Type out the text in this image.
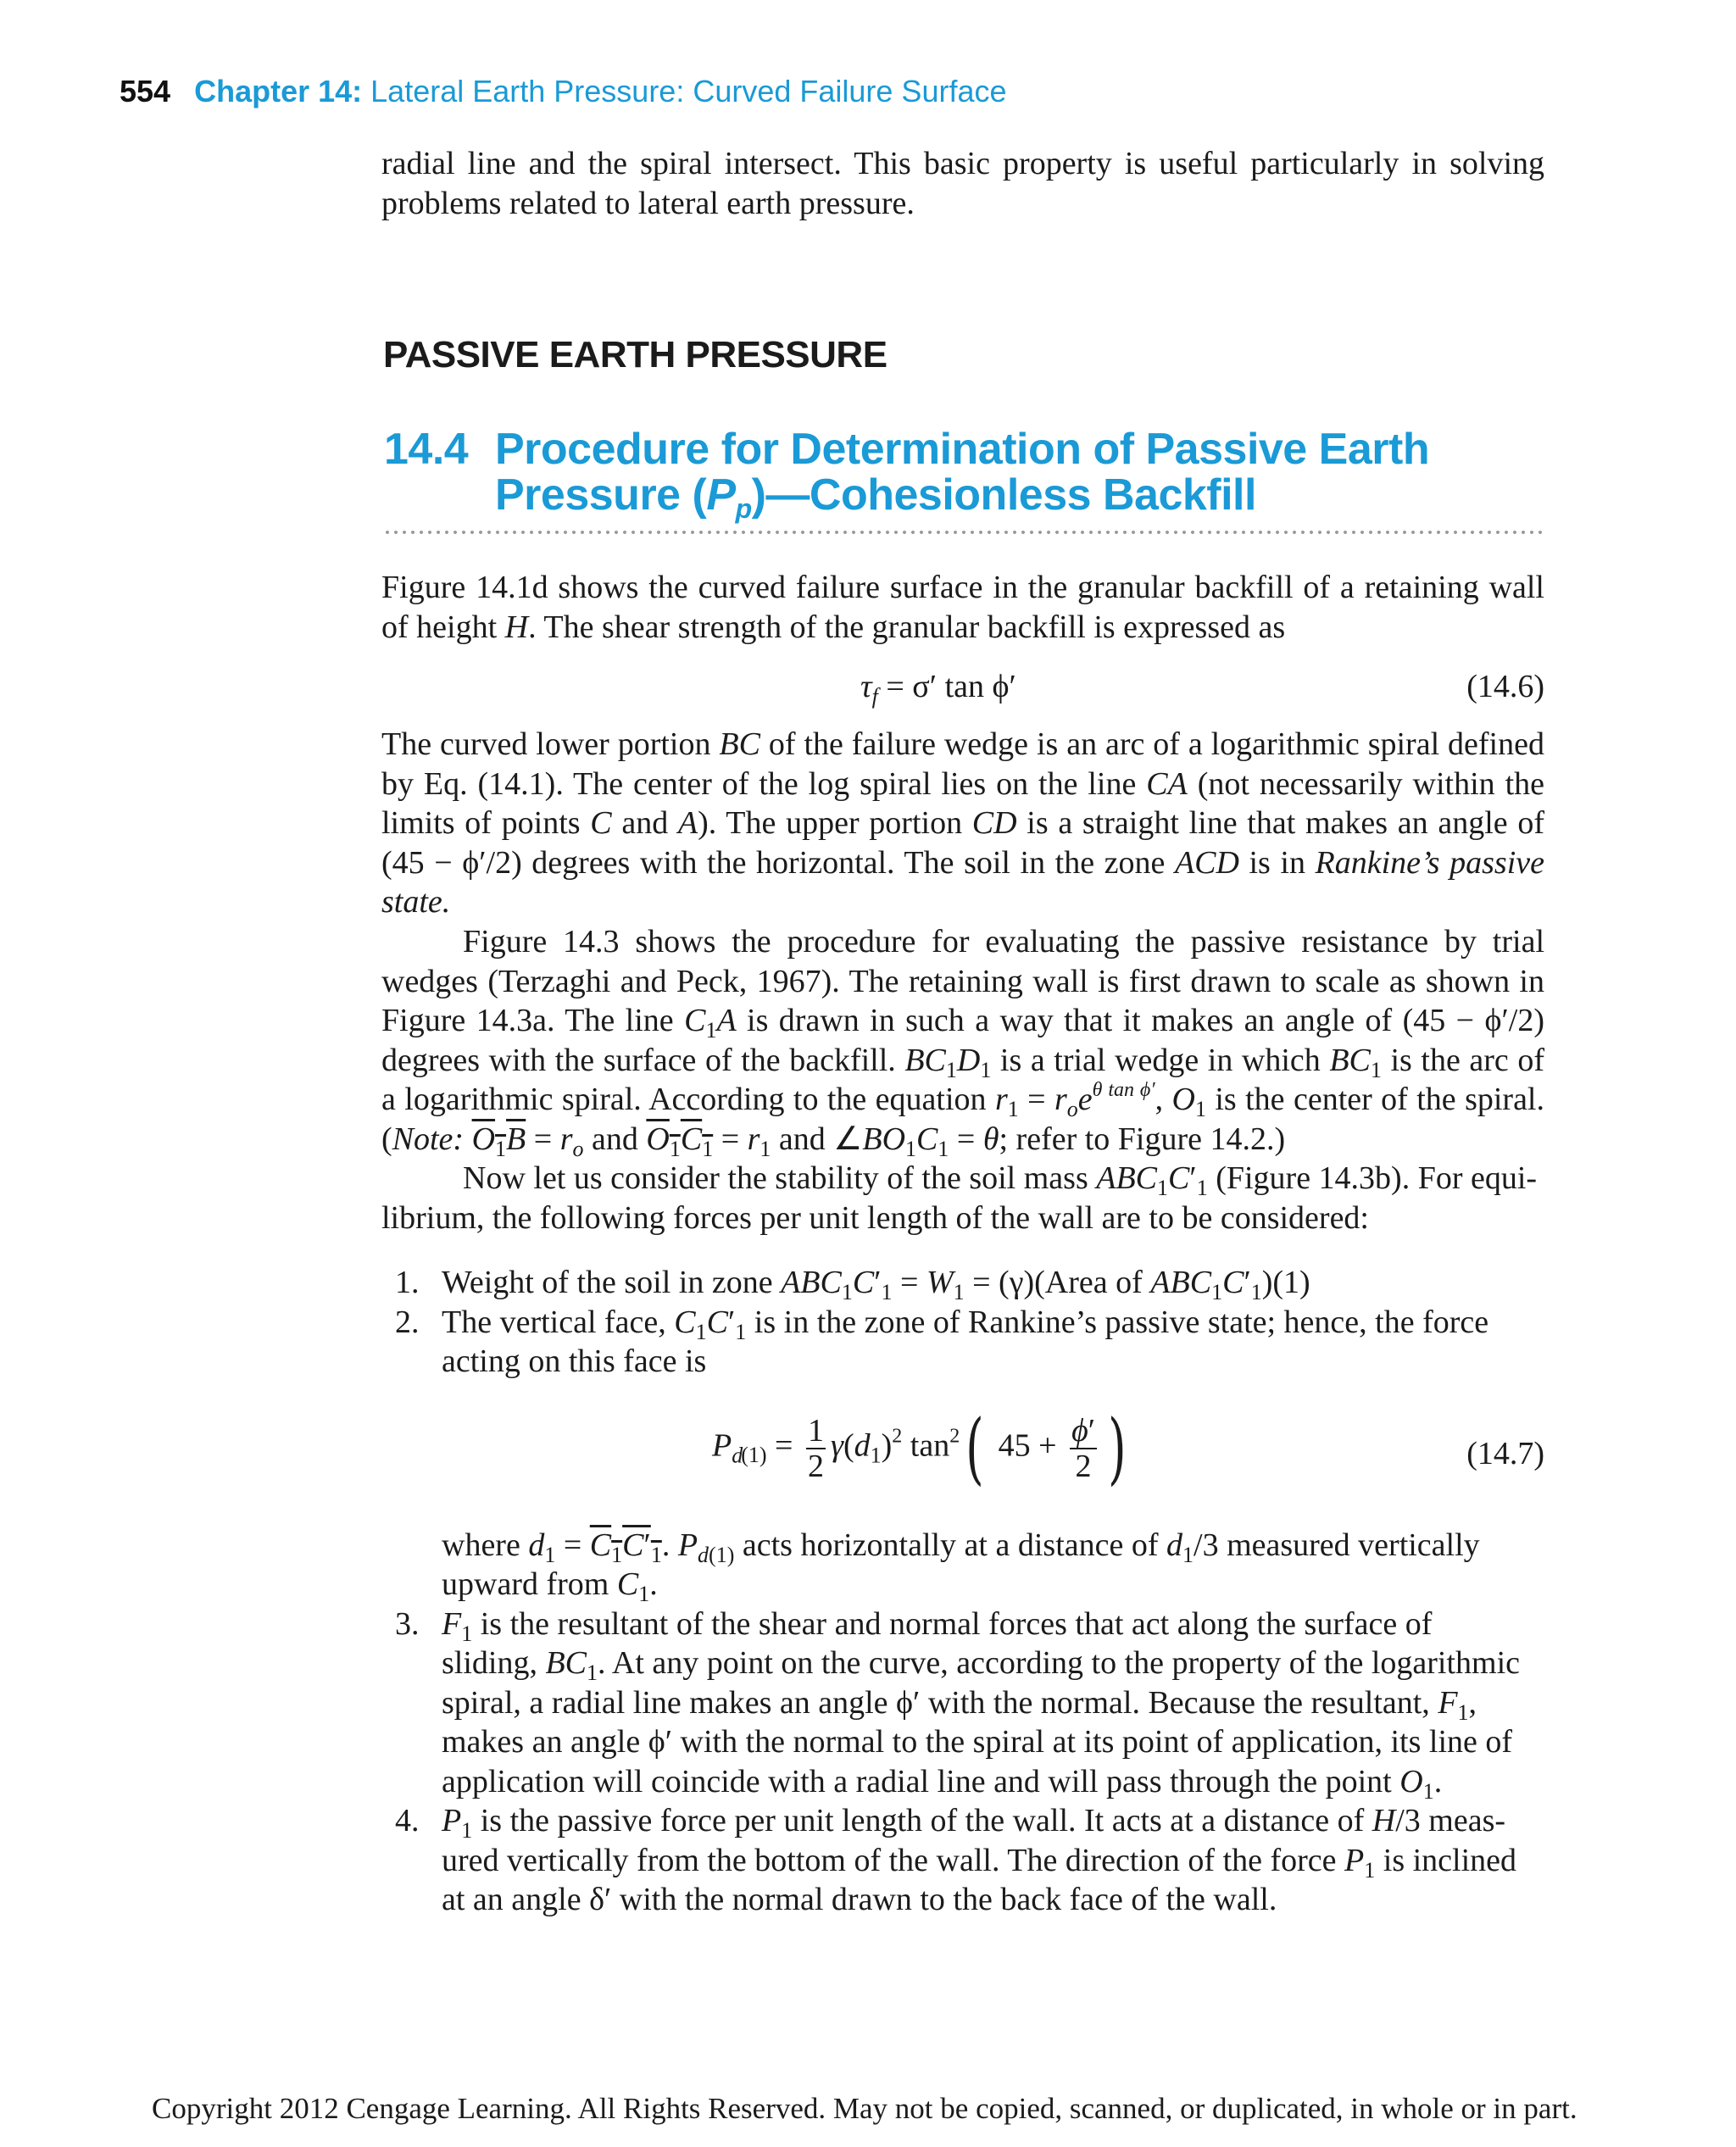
554 Chapter 14: Lateral Earth Pressure: Curved Failure Surface

radial line and the spiral intersect. This basic property is useful particularly in solving problems related to lateral earth pressure.

PASSIVE EARTH PRESSURE
14.4 Procedure for Determination of Passive Earth
Pressure $(P_p)—Cohesionless$ Backfill

Figure 14.1d shows the curved failure surface in the granular backfill of a retaining wall of height H. The shear strength of the granular backfill is expressed as

$\tau_f = \sigma'$ tan ϕ′	(14.6)

The curved lower portion BC of the failure wedge is an arc of a logarithmic spiral defined by Eq. (14.1). The center of the log spiral lies on the line CA (not necessarily within the limits of points C and A). The upper portion CD is a straight line that makes an angle of (45 − ϕ′/2) degrees with the horizontal. The soil in the zone ACD is in Rankine’s passive state.

Figure 14.3 shows the procedure for evaluating the passive resistance by trial wedges (Terzaghi and Peck, 1967). The retaining wall is first drawn to scale as shown in Figure 14.3a. The line $C_1A$ is drawn in such a way that it makes an angle of (45 − ϕ′/2) degrees with the surface of the backfill. $BC_1D_1$ is a trial wedge in which $BC_1$ is the arc of a logarithmic spiral. According to the equation $r_1 = r_oe^{\theta tan \phi'}$, $O_1$ is the center of the spiral. (Note: $O_1B = r_o$ and $O_1C_1 = r_1$ and $\angle BO_1C_1 = \theta$; refer to Figure 14.2.)

Now let us consider the stability of the soil mass $ABC_1C'_1$ (Figure 14.3b). For equi-
librium, the following forces per unit length of the wall are to be considered:

1. Weight of the soil in zone $ABC_1C'_1 = W_1$ = (γ)(Area of $ABC_1C'_1)(1)$
2. The vertical face, $C_1C'_1$ is in the zone of Rankine’s passive state; hence, the force acting on this face is
$P_{d(1)} = \frac{1}{2} \gamma(d_1)^2$ $\tan^2$( $45 + \frac{\phi'}{2}$ )	(14.7)
where $d_1 = C_1C'_1$. $P_{d(1)}$ acts horizontally at a distance of $d_1/3$ measured vertically upward from $C_1$.
3. $F_1$ is the resultant of the shear and normal forces that act along the surface of sliding, $BC_1$. At any point on the curve, according to the property of the logarithmic spiral, a radial line makes an angle ϕ′ with the normal. Because the resultant, $F_1$, makes an angle ϕ′ with the normal to the spiral at its point of application, its line of application will coincide with a radial line and will pass through the point $O_1$.
4. $P_1$ is the passive force per unit length of the wall. It acts at a distance of H/3 meas-
ured vertically from the bottom of the wall. The direction of the force $P_1$ is inclined at an angle δ′ with the normal drawn to the back face of the wall.
Copyright 2012 Cengage Learning. All Rights Reserved. May not be copied, scanned, or duplicated, in whole or in part.
